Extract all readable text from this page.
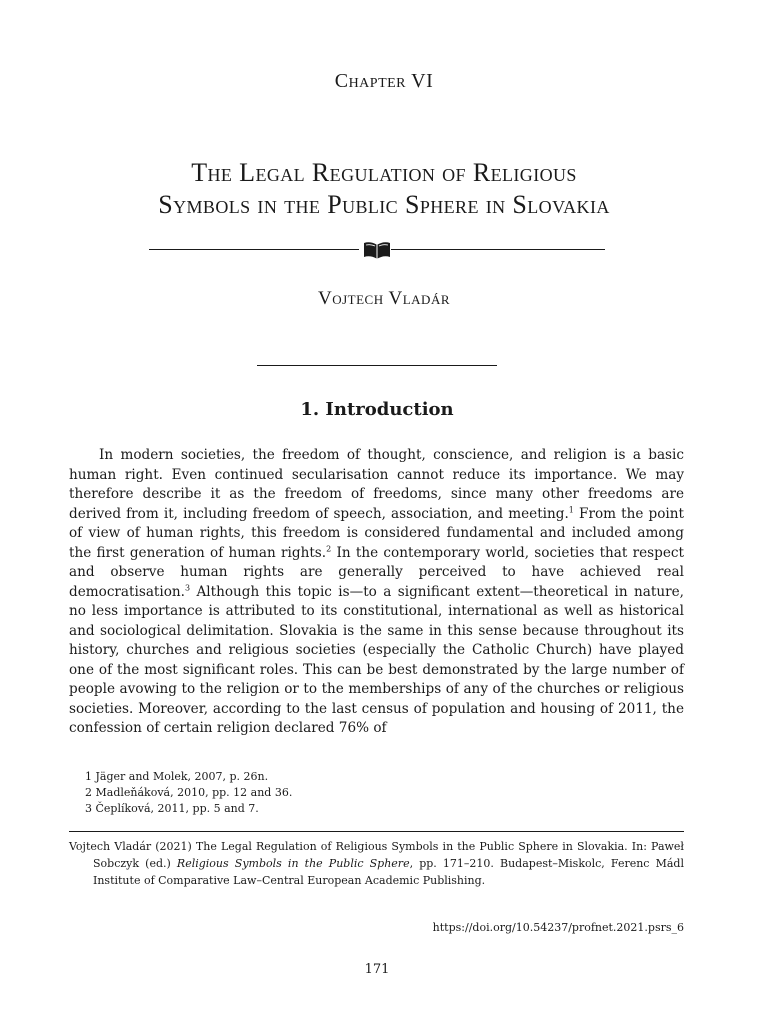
Chapter VI
The Legal Regulation of Religious
Symbols in the Public Sphere in Slovakia
Vojtech Vladár
1. Introduction

In modern societies, the freedom of thought, conscience, and religion is a basic human right. Even continued secularisation cannot reduce its importance. We may therefore describe it as the freedom of freedoms, since many other freedoms are derived from it, including freedom of speech, association, and meeting.$^1$ From the point of view of human rights, this freedom is considered fundamental and included among the first generation of human rights.$^2$ In the contemporary world, societies that respect and observe human rights are generally perceived to have achieved real democratisation.$^3$ Although this topic is—to a significant extent—theoretical in nature, no less importance is attributed to its constitutional, international as well as historical and sociological delimitation. Slovakia is the same in this sense because throughout its history, churches and religious societies (especially the Catholic Church) have played one of the most significant roles. This can be best demonstrated by the large number of people avowing to the religion or to the memberships of any of the churches or religious societies. Moreover, according to the last census of population and housing of 2011, the confession of certain religion declared 76% of

1 Jäger and Molek, 2007, p. 26n.
2 Madleňáková, 2010, pp. 12 and 36.
3 Čeplíková, 2011, pp. 5 and 7.
Vojtech Vladár (2021) The Legal Regulation of Religious Symbols in the Public Sphere in Slovakia. In: Paweł Sobczyk (ed.) Religious Symbols in the Public Sphere, pp. 171–210. Budapest–Miskolc, Ferenc Mádl Institute of Comparative Law–Central European Academic Publishing.
https://doi.org/10.54237/profnet.2021.psrs_6
171
